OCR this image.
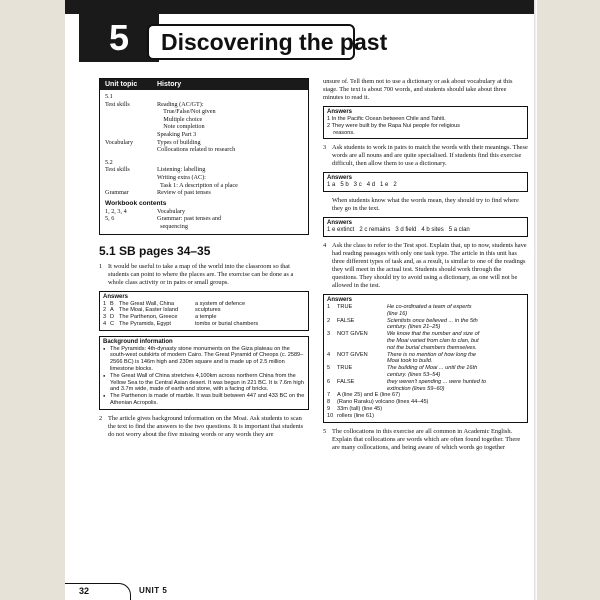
5	Discovering the past
Unit topic	History
5.1
Test skills	Reading (AC/GT):
True/False/Not given
Multiple choice
Note completion
Speaking Part 3
Vocabulary	Types of building
Collocations related to research
5.2
Test skills	Listening: labelling
Writing extra (AC):
Task 1: A description of a place
Grammar	Review of past tenses
Workbook contents
1, 2, 3, 4	Vocabulary
5, 6	Grammar: past tenses and
sequencing
5.1 SB pages 34–35

1 It would be useful to take a map of the world into the classroom so that students can point to where the places are. The exercise can be done as a whole class activity or in pairs or small groups.

Answers
1 B The Great Wall, China	a system of defence
2 A The Moai, Easter Island	sculptures
3 D The Parthenon, Greece	a temple
4 C The Pyramids, Egypt	tombs or burial chambers
Background information
● The Pyramids: 4th-dynasty stone monuments on the Giza plateau on the south-west outskirts of modern Cairo. The Great Pyramid of Cheops (c. 2589–2566 BC) is 146m high and 230m square and is made up of 2.5 million limestone blocks.
● The Great Wall of China stretches 4,100km across northern China from the Yellow Sea to the Central Asian desert. It was begun in 221 BC. It is 7.6m high and 3.7m wide, made of earth and stone, with a facing of bricks.
● The Parthenon is made of marble. It was built between 447 and 433 BC on the Athenian Acropolis.

2 The article gives background information on the Moai. Ask students to scan the text to find the answers to the two questions. It is important that students do not worry about the five missing words or any words they are

unsure of. Tell them not to use a dictionary or ask about vocabulary at this stage. The text is about 700 words, and students should take about three minutes to read it.

Answers
1 In the Pacific Ocean between Chile and Tahiti.
2 They were built by the Rapa Nui people for religious
reasons.

3 Ask students to work in pairs to match the words with their meanings. These words are all nouns and are quite specialised. If students find this exercise difficult, then allow them to use a dictionary.

Answers
1 a   5 b   3 c   4 d   1 e   2

When students know what the words mean, they should try to find where they go in the text.

Answers
1 e extinct   2 c remains   3 d field   4 b sites   5 a clan

4 Ask the class to refer to the Test spot. Explain that, up to now, students have had reading passages with only one task type. The article in this unit has three different types of task and, as a result, is similar to one of the readings they will meet in the actual test. Students should work through the questions. They should try to avoid using a dictionary, as one will not be allowed in the test.

Answers
1 TRUE	He co-ordinated a team of experts
(line 16)
2 FALSE	Scientists once believed ... in the 5th
century. (lines 21–25)
3 NOT GIVEN	We know that the number and size of
the Moai varied from clan to clan, but
not the burial chambers themselves.
4 NOT GIVEN	There is no mention of how long the
Moai took to build.
5 TRUE	The building of Moai ... until the 16th
century. (lines 53–54)
6 FALSE	they weren't spending ... were hunted to
extinction (lines 59–60)
7 A (line 25) and E (line 67)
8 (Rano Raraku) volcano (lines 44–45)
9 33m (tall) (line 45)
10 rollers (line 61)

5 The collocations in this exercise are all common in Academic English. Explain that collocations are words which are often found together. There are many collocations, and being aware of which words go together

32	UNIT 5
